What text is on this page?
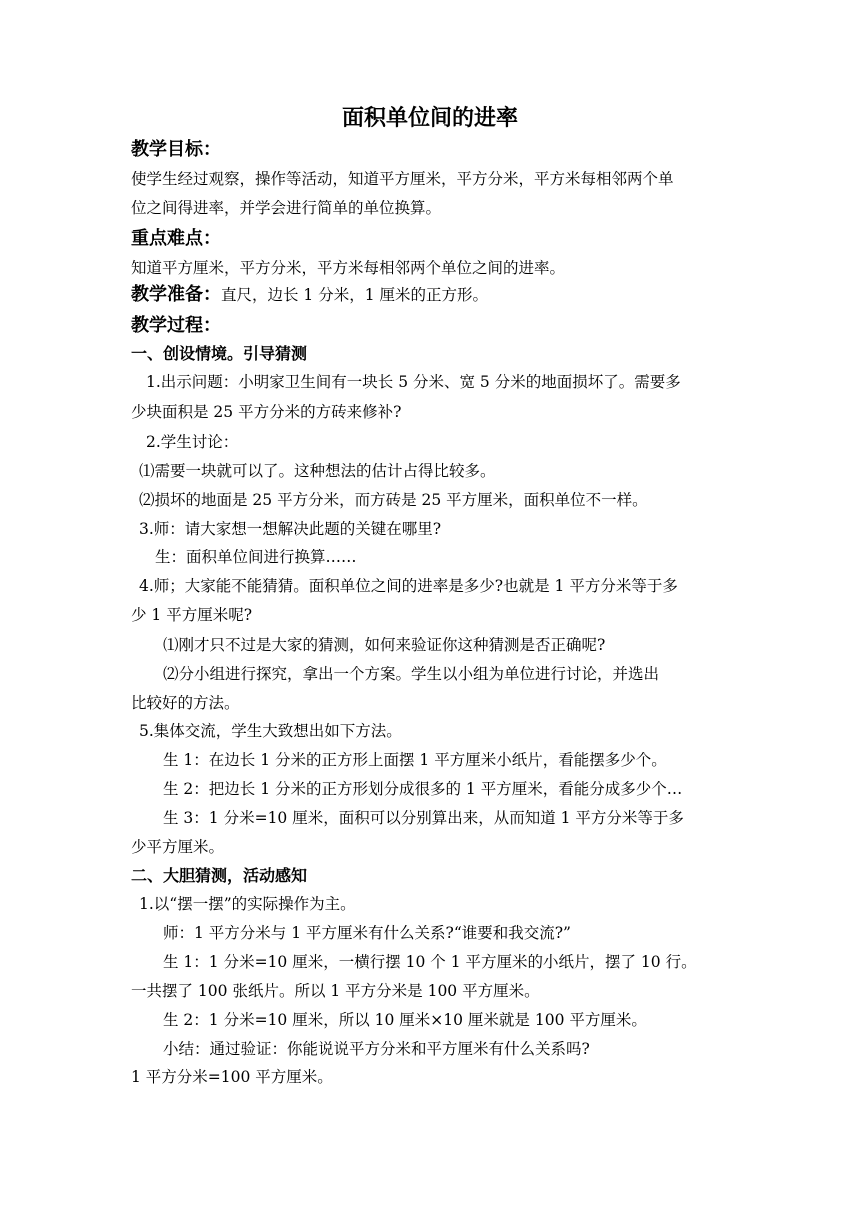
面积单位间的进率
教学目标：
使学生经过观察，操作等活动，知道平方厘米，平方分米，平方米每相邻两个单
位之间得进率，并学会进行简单的单位换算。
重点难点：
知道平方厘米，平方分米，平方米每相邻两个单位之间的进率。
教学准备：直尺，边长 1 分米，1 厘米的正方形。
教学过程：
一、创设情境。引导猜测
1.出示问题：小明家卫生间有一块长 5 分米、宽 5 分米的地面损坏了。需要多
少块面积是 25 平方分米的方砖来修补?
2.学生讨论：
⑴需要一块就可以了。这种想法的估计占得比较多。
⑵损坏的地面是 25 平方分米，而方砖是 25 平方厘米，面积单位不一样。
3.师：请大家想一想解决此题的关键在哪里?
生：面积单位间进行换算……
4.师；大家能不能猜猜。面积单位之间的进率是多少?也就是 1 平方分米等于多
少 1 平方厘米呢?
⑴刚才只不过是大家的猜测，如何来验证你这种猜测是否正确呢?
⑵分小组进行探究，拿出一个方案。学生以小组为单位进行讨论，并选出
比较好的方法。
5.集体交流，学生大致想出如下方法。
生 1：在边长 1 分米的正方形上面摆 1 平方厘米小纸片，看能摆多少个。
生 2：把边长 1 分米的正方形划分成很多的 1 平方厘米，看能分成多少个…
生 3：1 分米=10 厘米，面积可以分别算出来，从而知道 1 平方分米等于多
少平方厘米。
二、大胆猜测，活动感知
1.以“摆一摆”的实际操作为主。
师：1 平方分米与 1 平方厘米有什么关系?“谁要和我交流?”
生 1：1 分米=10 厘米，一横行摆 10 个 1 平方厘米的小纸片，摆了 10 行。
一共摆了 100 张纸片。所以 1 平方分米是 100 平方厘米。
生 2：1 分米=10 厘米，所以 10 厘米×10 厘米就是 100 平方厘米。
小结：通过验证：你能说说平方分米和平方厘米有什么关系吗?
1 平方分米=100 平方厘米。
